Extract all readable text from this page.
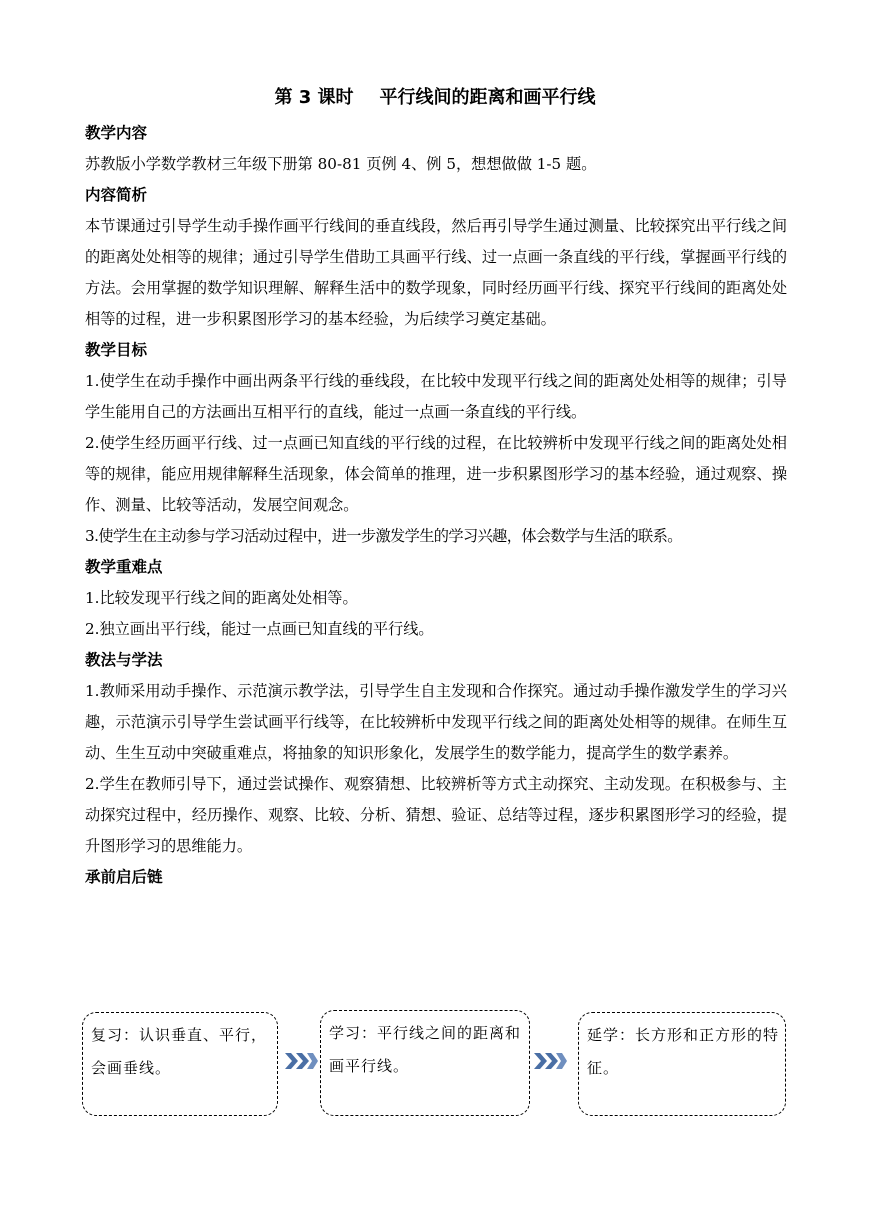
第 3 课时 平行线间的距离和画平行线

教学内容

苏教版小学数学教材三年级下册第 80-81 页例 4、例 5，想想做做 1-5 题。

内容简析

本节课通过引导学生动手操作画平行线间的垂直线段，然后再引导学生通过测量、比较探究出平行线之间的距离处处相等的规律；通过引导学生借助工具画平行线、过一点画一条直线的平行线，掌握画平行线的方法。会用掌握的数学知识理解、解释生活中的数学现象，同时经历画平行线、探究平行线间的距离处处相等的过程，进一步积累图形学习的基本经验，为后续学习奠定基础。

教学目标

1.使学生在动手操作中画出两条平行线的垂线段，在比较中发现平行线之间的距离处处相等的规律；引导学生能用自己的方法画出互相平行的直线，能过一点画一条直线的平行线。

2.使学生经历画平行线、过一点画已知直线的平行线的过程，在比较辨析中发现平行线之间的距离处处相等的规律，能应用规律解释生活现象，体会简单的推理，进一步积累图形学习的基本经验，通过观察、操作、测量、比较等活动，发展空间观念。

3.使学生在主动参与学习活动过程中，进一步激发学生的学习兴趣，体会数学与生活的联系。

教学重难点

1.比较发现平行线之间的距离处处相等。

2.独立画出平行线，能过一点画已知直线的平行线。

教法与学法

1.教师采用动手操作、示范演示教学法，引导学生自主发现和合作探究。通过动手操作激发学生的学习兴趣，示范演示引导学生尝试画平行线等，在比较辨析中发现平行线之间的距离处处相等的规律。在师生互动、生生互动中突破重难点，将抽象的知识形象化，发展学生的数学能力，提高学生的数学素养。

2.学生在教师引导下，通过尝试操作、观察猜想、比较辨析等方式主动探究、主动发现。在积极参与、主动探究过程中，经历操作、观察、比较、分析、猜想、验证、总结等过程，逐步积累图形学习的经验，提升图形学习的思维能力。

承前启后链

复习：认识垂直、平行，会画垂线。
学习：平行线之间的距离和画平行线。
延学：长方形和正方形的特征。
